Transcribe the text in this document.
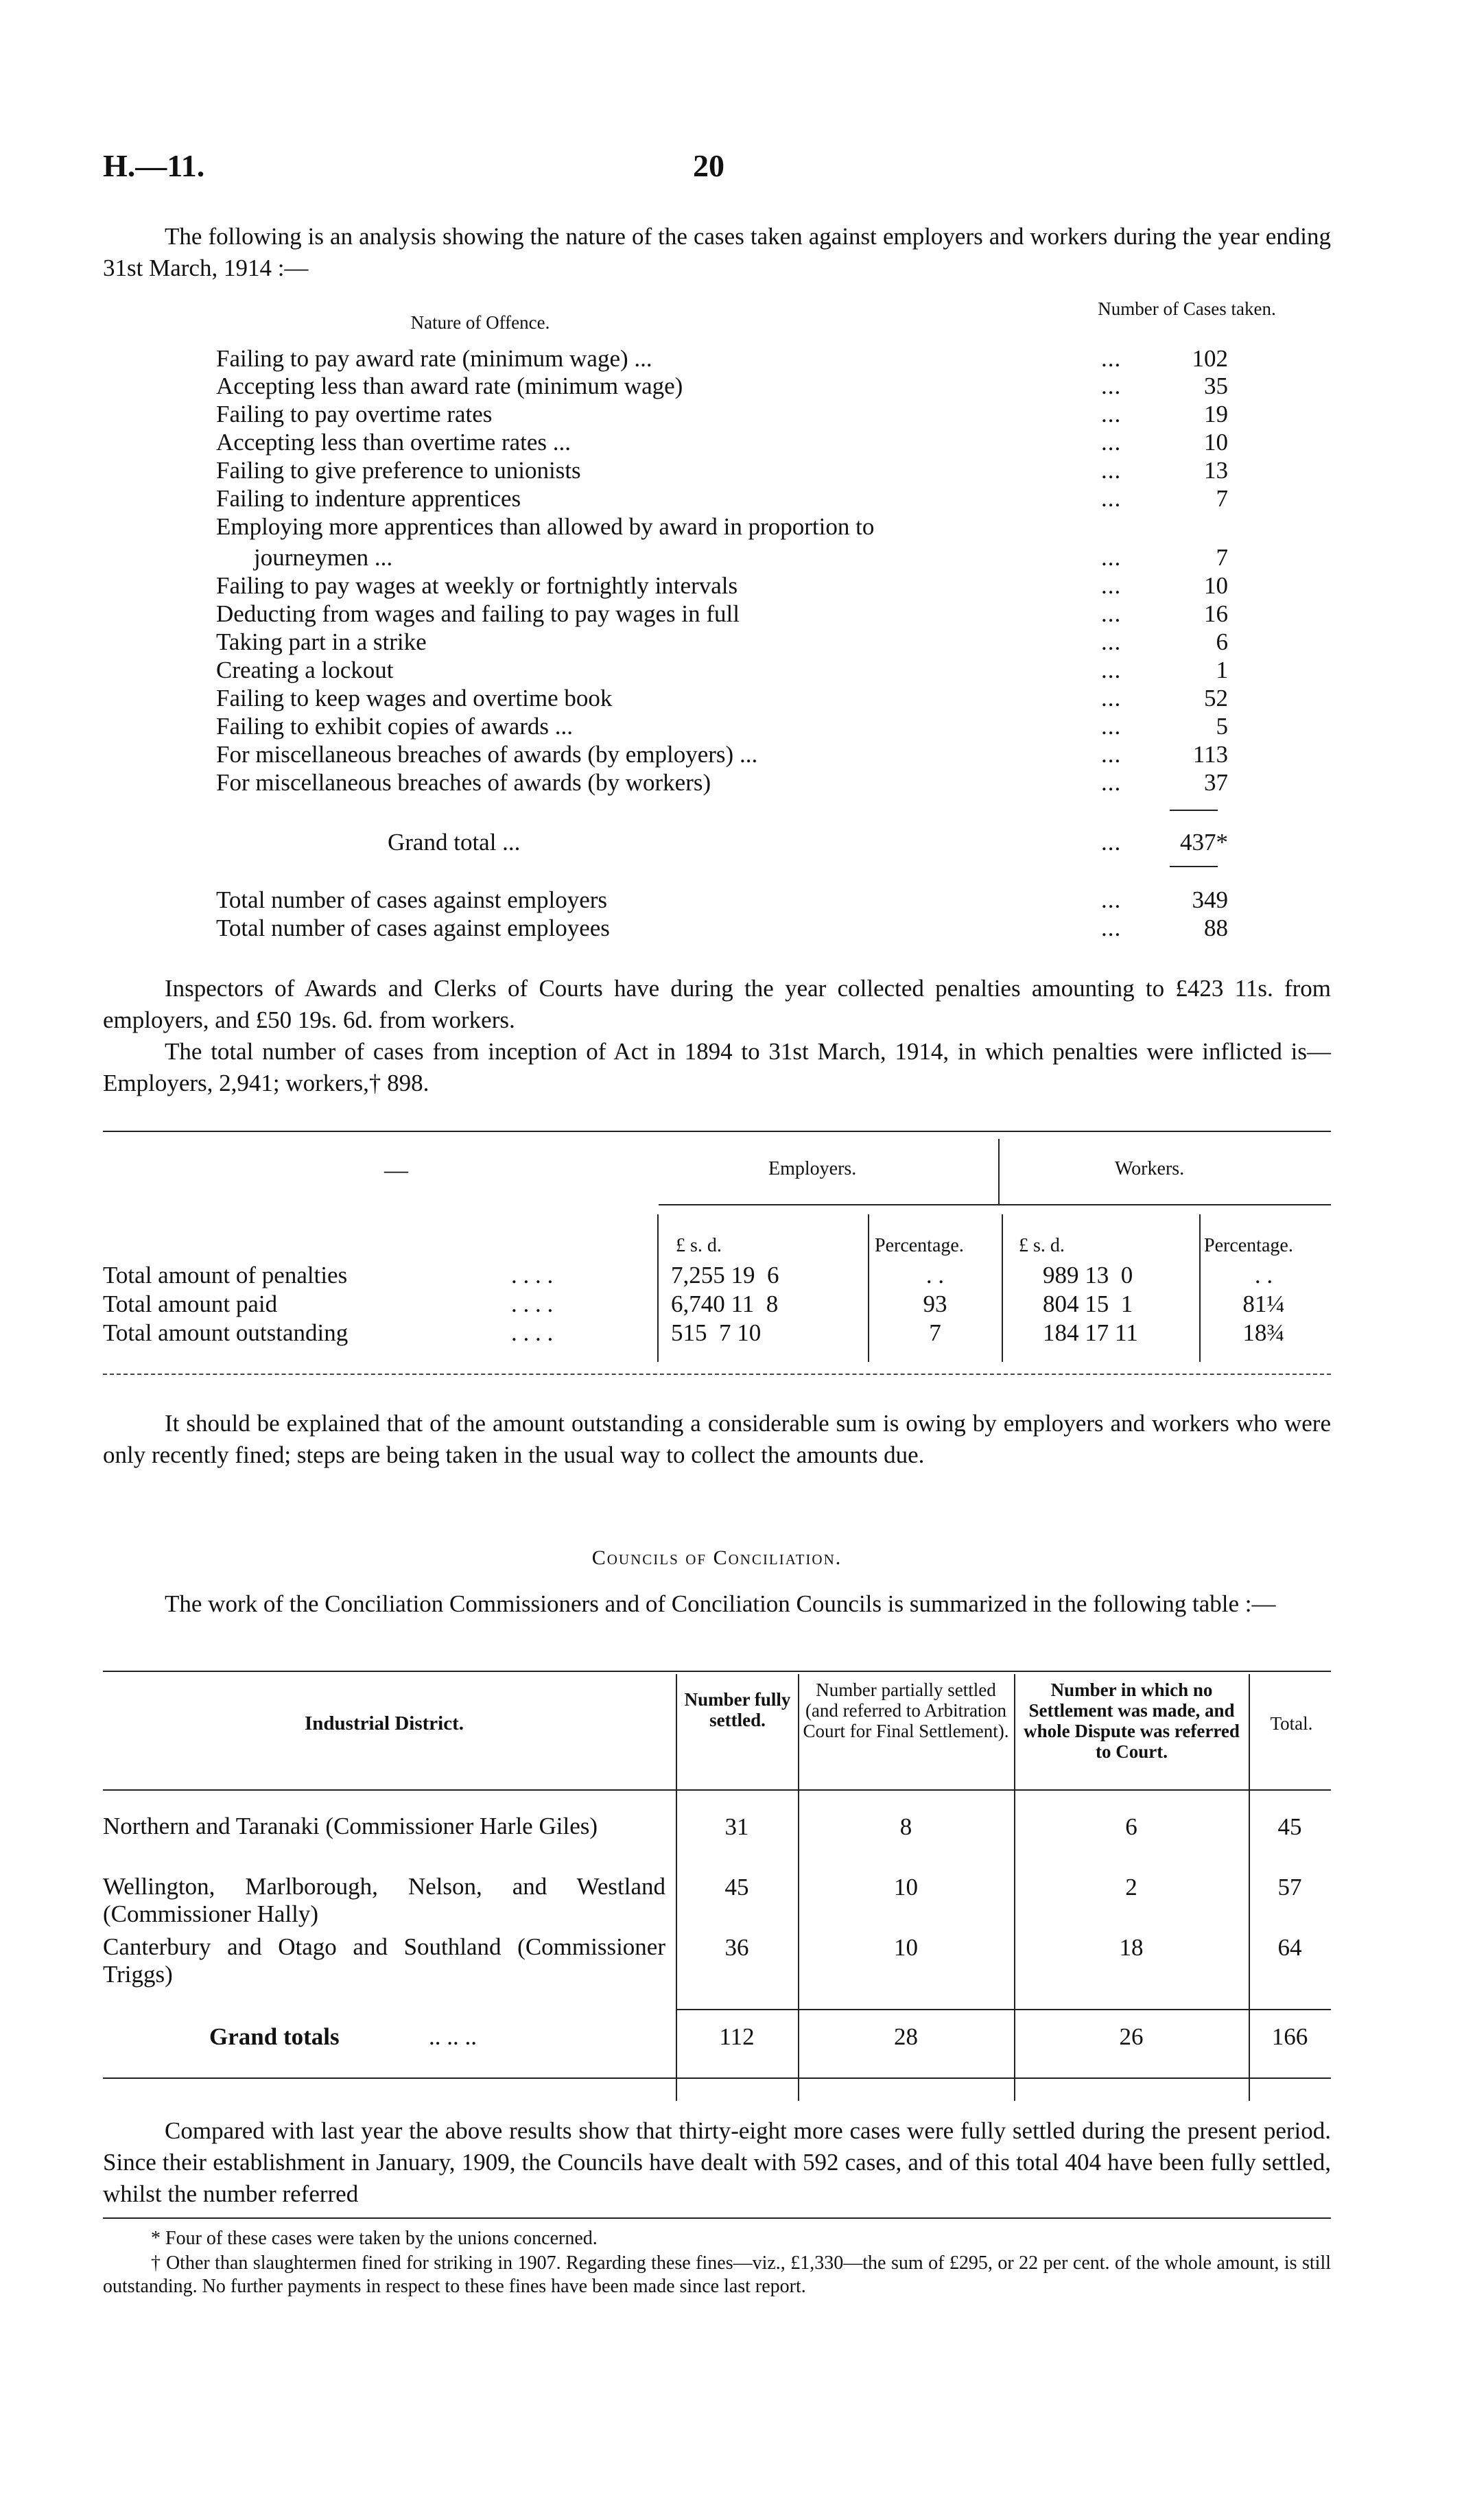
H.—11.	20
The following is an analysis showing the nature of the cases taken against employers and workers during the year ending 31st March, 1914 :—
Nature of Offence.
Number of Cases taken.
Failing to pay award rate (minimum wage) ...	...	102
Accepting less than award rate (minimum wage)	...	35
Failing to pay overtime rates	...	19
Accepting less than overtime rates ...	...	10
Failing to give preference to unionists	...	13
Failing to indenture apprentices	...	7
Employing more apprentices than allowed by award in proportion to
journeymen ...	...	7
Failing to pay wages at weekly or fortnightly intervals	...	10
Deducting from wages and failing to pay wages in full	...	16
Taking part in a strike	...	6
Creating a lockout	...	1
Failing to keep wages and overtime book	...	52
Failing to exhibit copies of awards ...	...	5
For miscellaneous breaches of awards (by employers) ...	...	113
For miscellaneous breaches of awards (by workers)	...	37
Grand total ...	...	437*
Total number of cases against employers	...	349
Total number of cases against employees	...	88
—	Employers.	Workers.
£ s. d.	Percentage.	£ s. d.	Percentage.
Total amount of penalties	. . . .	7,255 19  6	. .	989 13  0	. .
Total amount paid	. . . .	6,740 11  8	93	804 15  1	81¼
Total amount outstanding	. . . .	515  7 10	7	184 17 11	18¾
It should be explained that of the amount outstanding a considerable sum is owing by employers and workers who were only recently fined; steps are being taken in the usual way to collect the amounts due.
Councils of Conciliation.
The work of the Conciliation Commissioners and of Conciliation Councils is summarized in the following table :—
Industrial District.
Number fully settled.
Number partially settled (and referred to Arbitration Court for Final Settlement).
Number in which no Settlement was made, and whole Dispute was referred to Court.
Total.
Northern and Taranaki (Commissioner Harle Giles)	31	8	6	45
Wellington, Marlborough, Nelson, and Westland (Commissioner Hally)
45	10	2	57
Canterbury and Otago and Southland (Commissioner Triggs)
36	10	18	64
Grand totals	.. .. ..	112	28	26	166
Compared with last year the above results show that thirty-eight more cases were fully settled during the present period. Since their establishment in January, 1909, the Councils have dealt with 592 cases, and of this total 404 have been fully settled, whilst the number referred
* Four of these cases were taken by the unions concerned.
† Other than slaughtermen fined for striking in 1907. Regarding these fines—viz., £1,330—the sum of £295, or 22 per cent. of the whole amount, is still outstanding. No further payments in respect to these fines have been made since last report.
Inspectors of Awards and Clerks of Courts have during the year collected penalties amounting to £423 11s. from employers, and £50 19s. 6d. from workers.
The total number of cases from inception of Act in 1894 to 31st March, 1914, in which penalties were inflicted is—Employers, 2,941; workers,† 898.
